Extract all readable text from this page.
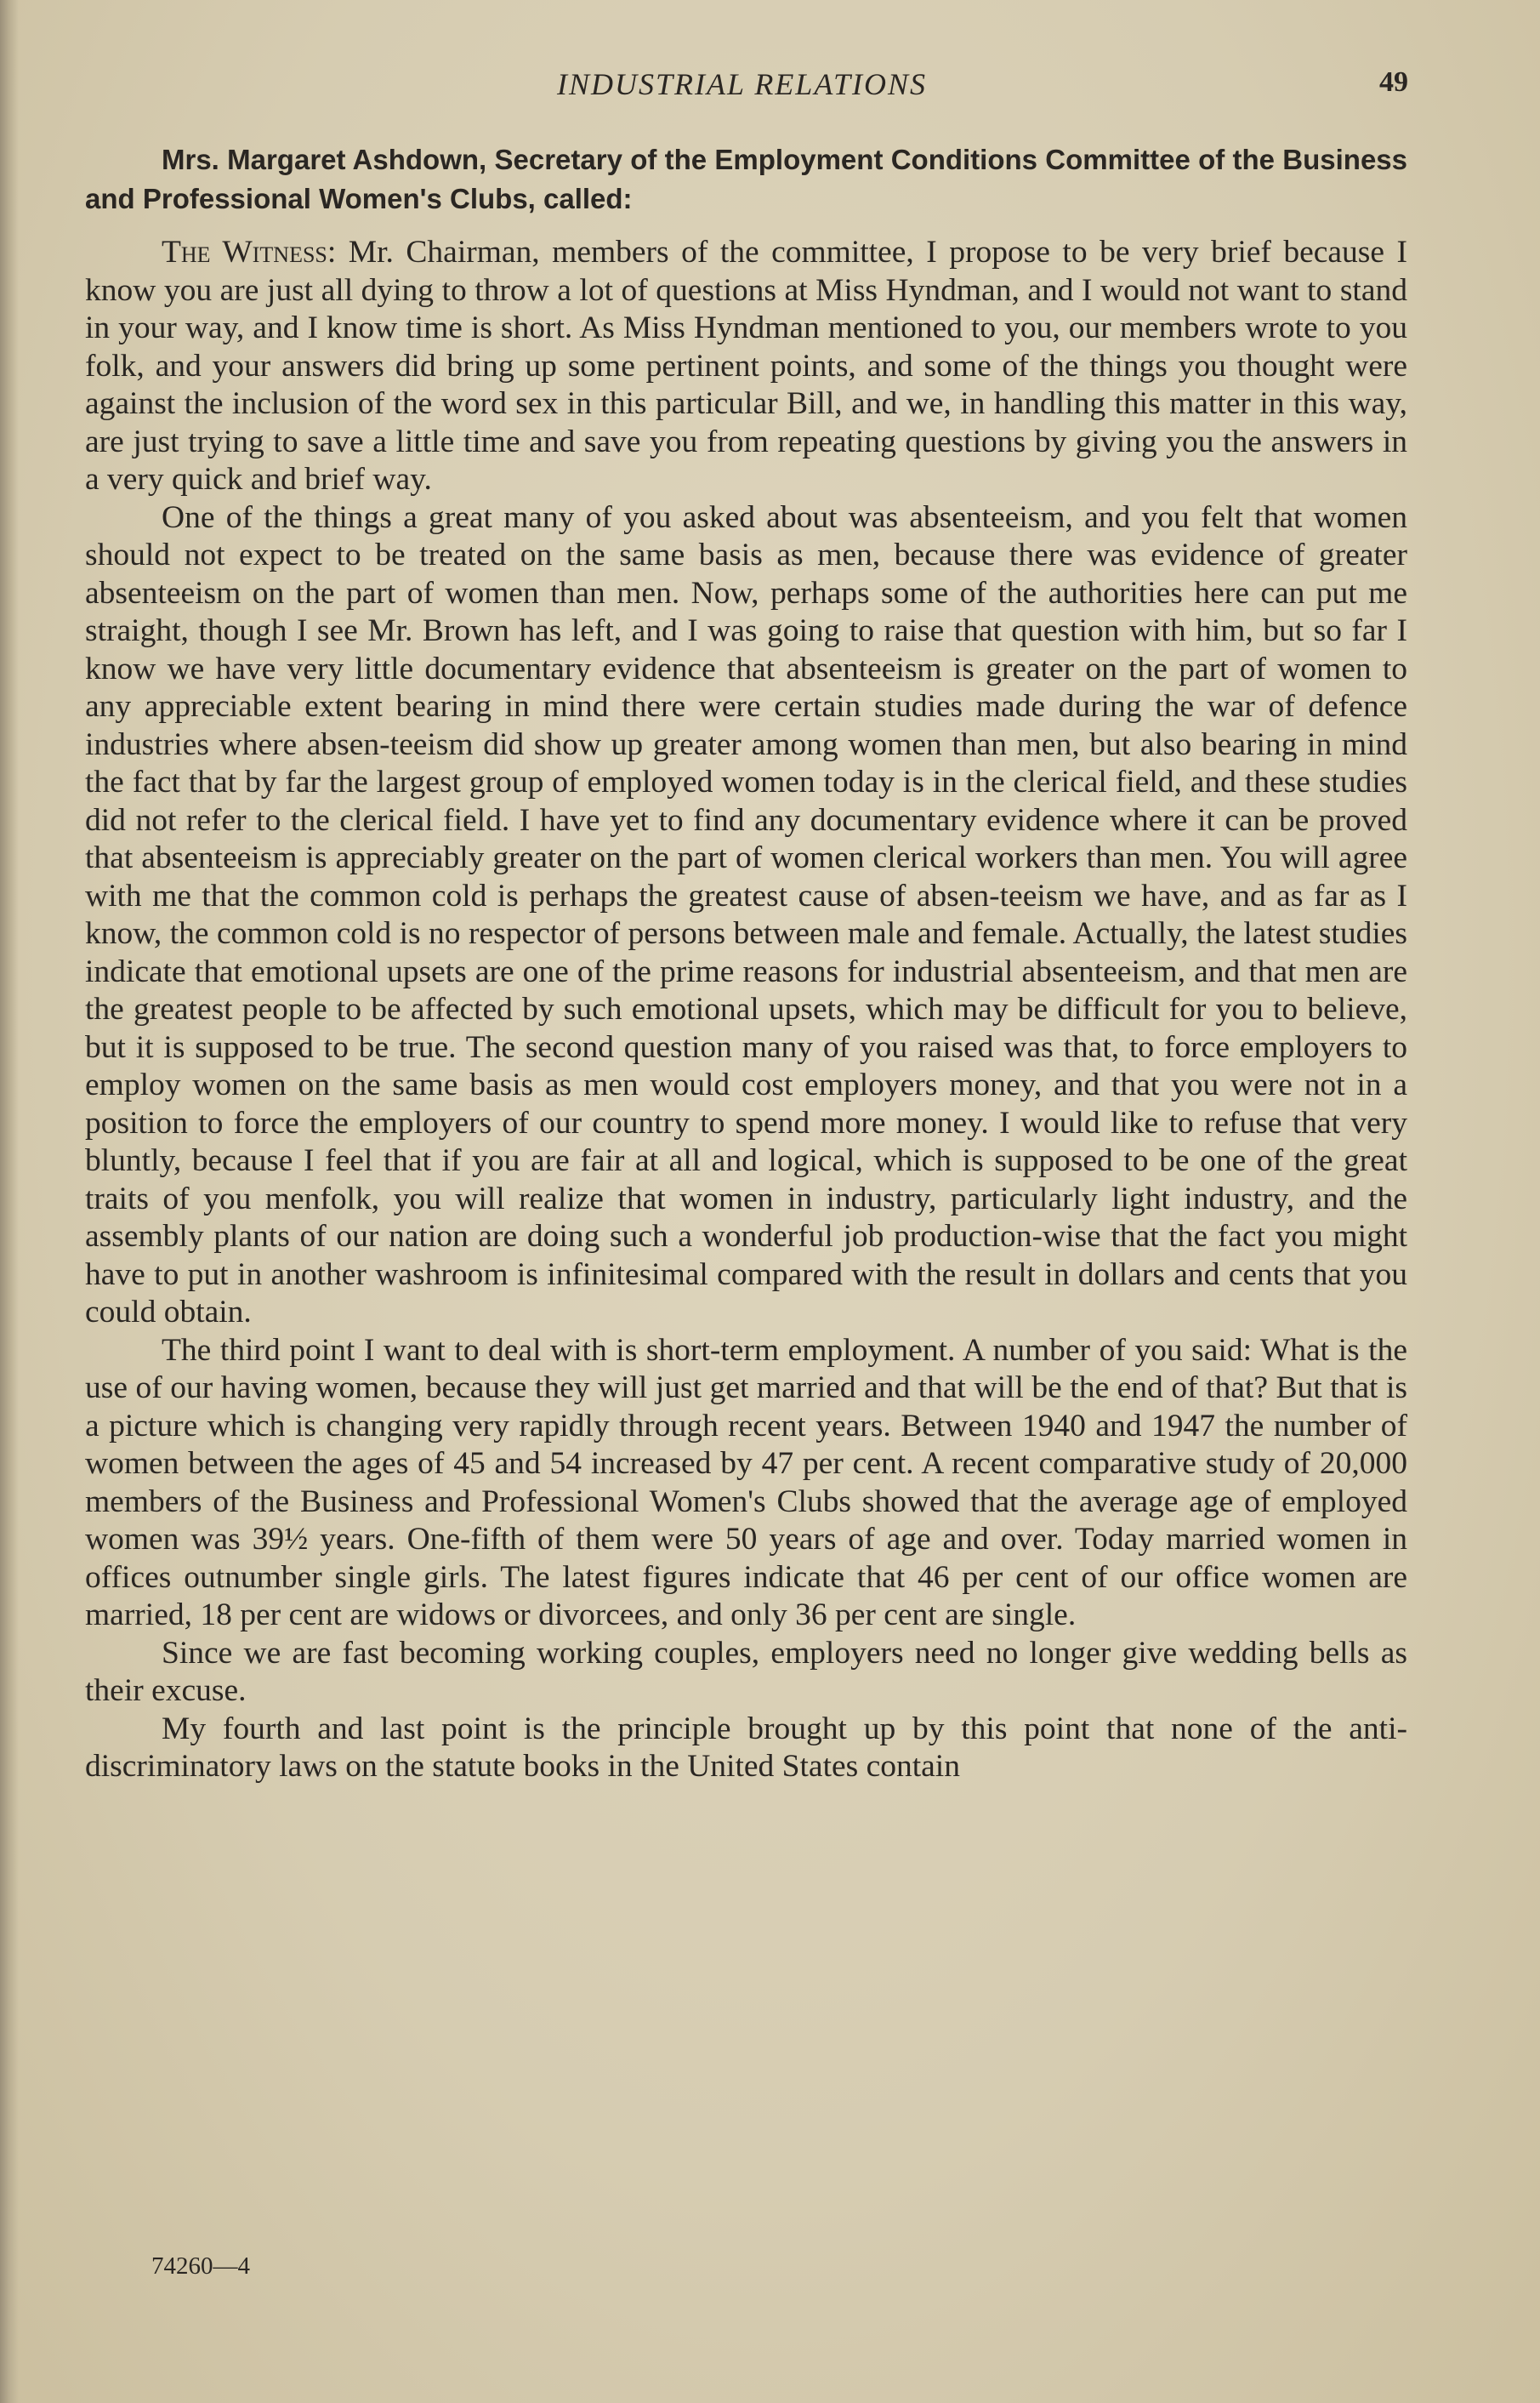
INDUSTRIAL RELATIONS	49
Mrs. Margaret Ashdown, Secretary of the Employment Conditions Committee of the Business and Professional Women's Clubs, called:

The Witness: Mr. Chairman, members of the committee, I propose to be very brief because I know you are just all dying to throw a lot of questions at Miss Hyndman, and I would not want to stand in your way, and I know time is short. As Miss Hyndman mentioned to you, our members wrote to you folk, and your answers did bring up some pertinent points, and some of the things you thought were against the inclusion of the word sex in this particular Bill, and we, in handling this matter in this way, are just trying to save a little time and save you from repeating questions by giving you the answers in a very quick and brief way.

One of the things a great many of you asked about was absenteeism, and you felt that women should not expect to be treated on the same basis as men, because there was evidence of greater absenteeism on the part of women than men. Now, perhaps some of the authorities here can put me straight, though I see Mr. Brown has left, and I was going to raise that question with him, but so far I know we have very little documentary evidence that absenteeism is greater on the part of women to any appreciable extent bearing in mind there were certain studies made during the war of defence industries where absen-teeism did show up greater among women than men, but also bearing in mind the fact that by far the largest group of employed women today is in the clerical field, and these studies did not refer to the clerical field. I have yet to find any documentary evidence where it can be proved that absenteeism is appreciably greater on the part of women clerical workers than men. You will agree with me that the common cold is perhaps the greatest cause of absen-teeism we have, and as far as I know, the common cold is no respector of persons between male and female. Actually, the latest studies indicate that emotional upsets are one of the prime reasons for industrial absenteeism, and that men are the greatest people to be affected by such emotional upsets, which may be difficult for you to believe, but it is supposed to be true. The second question many of you raised was that, to force employers to employ women on the same basis as men would cost employers money, and that you were not in a position to force the employers of our country to spend more money. I would like to refuse that very bluntly, because I feel that if you are fair at all and logical, which is supposed to be one of the great traits of you menfolk, you will realize that women in industry, particularly light industry, and the assembly plants of our nation are doing such a wonderful job production-wise that the fact you might have to put in another washroom is infinitesimal compared with the result in dollars and cents that you could obtain.

The third point I want to deal with is short-term employment. A number of you said: What is the use of our having women, because they will just get married and that will be the end of that? But that is a picture which is changing very rapidly through recent years. Between 1940 and 1947 the number of women between the ages of 45 and 54 increased by 47 per cent. A recent comparative study of 20,000 members of the Business and Professional Women's Clubs showed that the average age of employed women was 39½ years. One-fifth of them were 50 years of age and over. Today married women in offices outnumber single girls. The latest figures indicate that 46 per cent of our office women are married, 18 per cent are widows or divorcees, and only 36 per cent are single.

Since we are fast becoming working couples, employers need no longer give wedding bells as their excuse.

My fourth and last point is the principle brought up by this point that none of the anti-discriminatory laws on the statute books in the United States contain

74260—4
